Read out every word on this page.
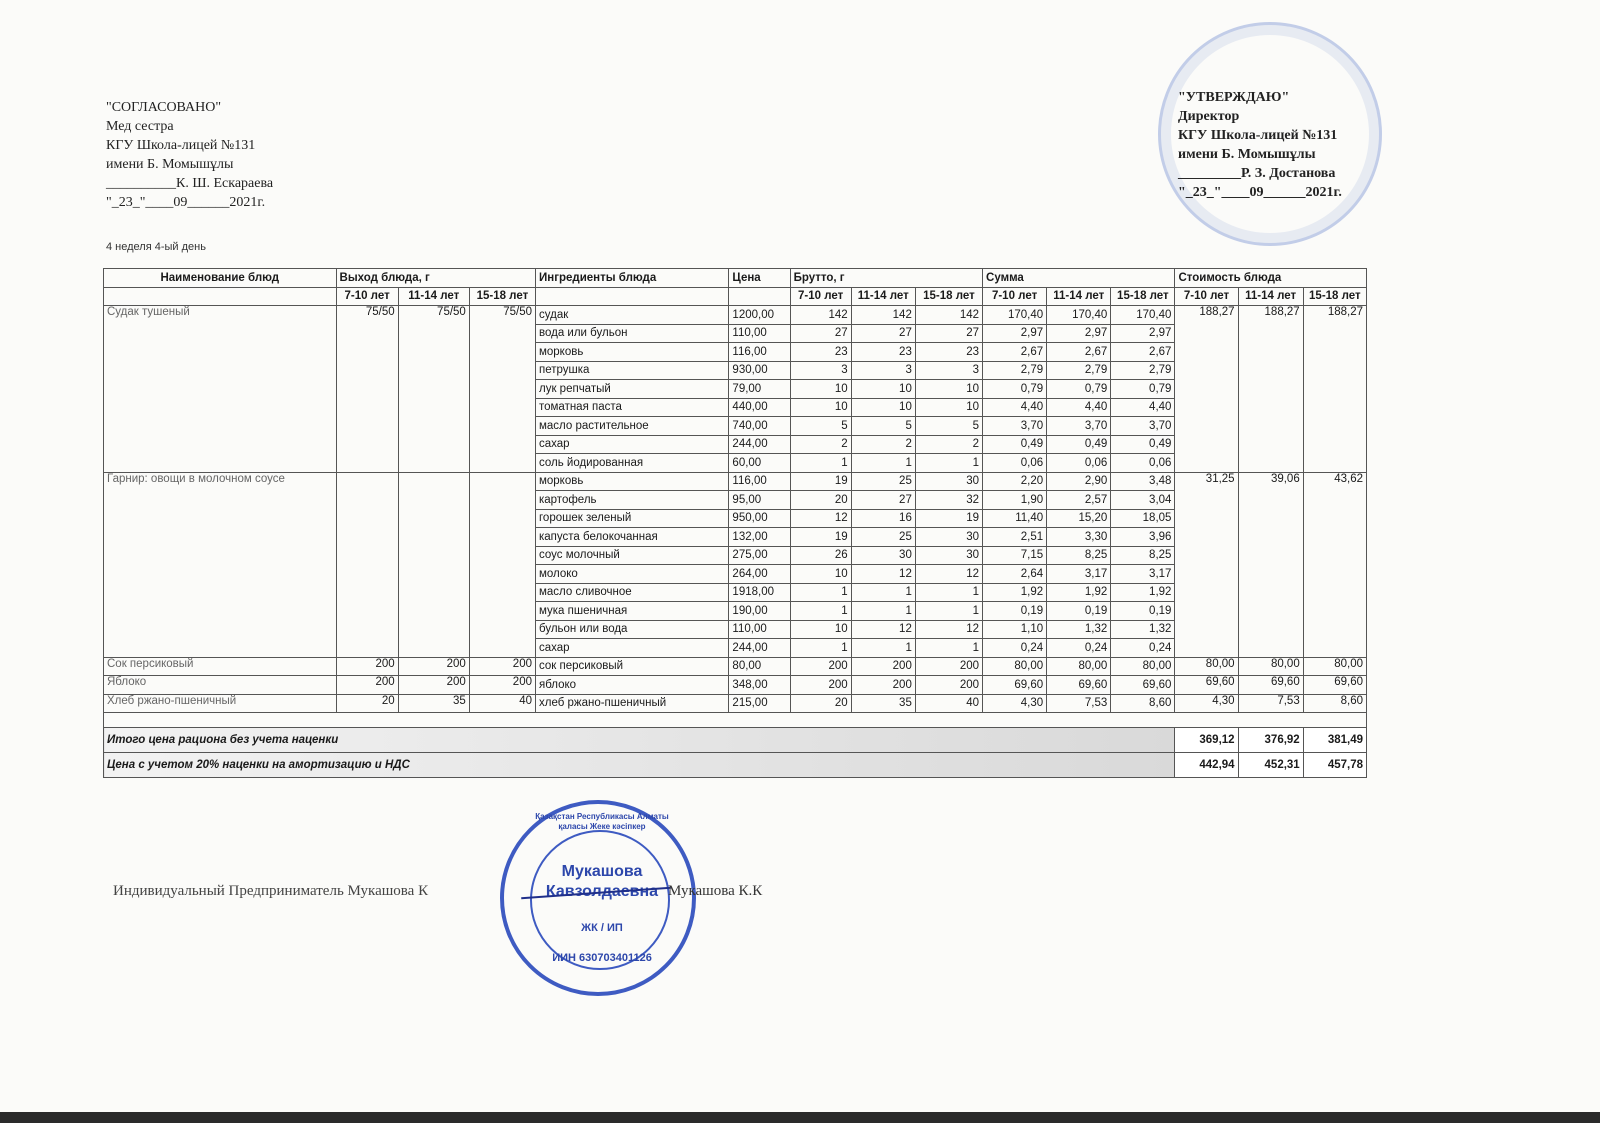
"СОГЛАСОВАНО"
Мед сестра
КГУ Школа-лицей №131
имени Б. Момышұлы
__________К. Ш. Ескараева
"_23_"____09______2021г.
"УТВЕРЖДАЮ"
Директор
КГУ Школа-лицей №131
имени Б. Момышұлы
_________Р. З. Достанова
"_23_"____09______2021г.
4 неделя 4-ый день
Наименование блюд	Выход блюда, г			Ингредиенты блюда	Цена	Брутто, г			Сумма			Стоимость блюда		
	7-10 лет	11-14 лет	15-18 лет			7-10 лет	11-14 лет	15-18 лет	7-10 лет	11-14 лет	15-18 лет	7-10 лет	11-14 лет	15-18 лет
Судак тушеный	75/50	75/50	75/50	судак	1200,00	142	142	142	170,40	170,40	170,40	188,27	188,27	188,27
				вода или бульон	110,00	27	27	27	2,97	2,97	2,97			
				морковь	116,00	23	23	23	2,67	2,67	2,67			
				петрушка	930,00	3	3	3	2,79	2,79	2,79			
				лук репчатый	79,00	10	10	10	0,79	0,79	0,79			
				томатная паста	440,00	10	10	10	4,40	4,40	4,40			
				масло растительное	740,00	5	5	5	3,70	3,70	3,70			
				сахар	244,00	2	2	2	0,49	0,49	0,49			
				соль йодированная	60,00	1	1	1	0,06	0,06	0,06			
Гарнир: овощи в молочном соусе				морковь	116,00	19	25	30	2,20	2,90	3,48	31,25	39,06	43,62
				картофель	95,00	20	27	32	1,90	2,57	3,04			
				горошек зеленый	950,00	12	16	19	11,40	15,20	18,05			
				капуста белокочанная	132,00	19	25	30	2,51	3,30	3,96			
				соус молочный	275,00	26	30	30	7,15	8,25	8,25			
				молоко	264,00	10	12	12	2,64	3,17	3,17			
				масло сливочное	1918,00	1	1	1	1,92	1,92	1,92			
				мука пшеничная	190,00	1	1	1	0,19	0,19	0,19			
				бульон или вода	110,00	10	12	12	1,10	1,32	1,32			
				сахар	244,00	1	1	1	0,24	0,24	0,24			
Сок персиковый	200	200	200	сок персиковый	80,00	200	200	200	80,00	80,00	80,00	80,00	80,00	80,00
Яблоко	200	200	200	яблоко	348,00	200	200	200	69,60	69,60	69,60	69,60	69,60	69,60
Хлеб ржано-пшеничный	20	35	40	хлеб ржано-пшеничный	215,00	20	35	40	4,30	7,53	8,60	4,30	7,53	8,60

Итого цена рациона без учета наценки												369,12	376,92	381,49
Цена с учетом 20% наценки на амортизацию и НДС												442,94	452,31	457,78
Индивидуальный Предприниматель Мукашова К
Қазақстан Республикасы Алматы қаласы Жеке кәсіпкер
Мукашова
Кавзолдаевна
ЖК / ИП
ИИН 630703401126
Мукашова К.К
